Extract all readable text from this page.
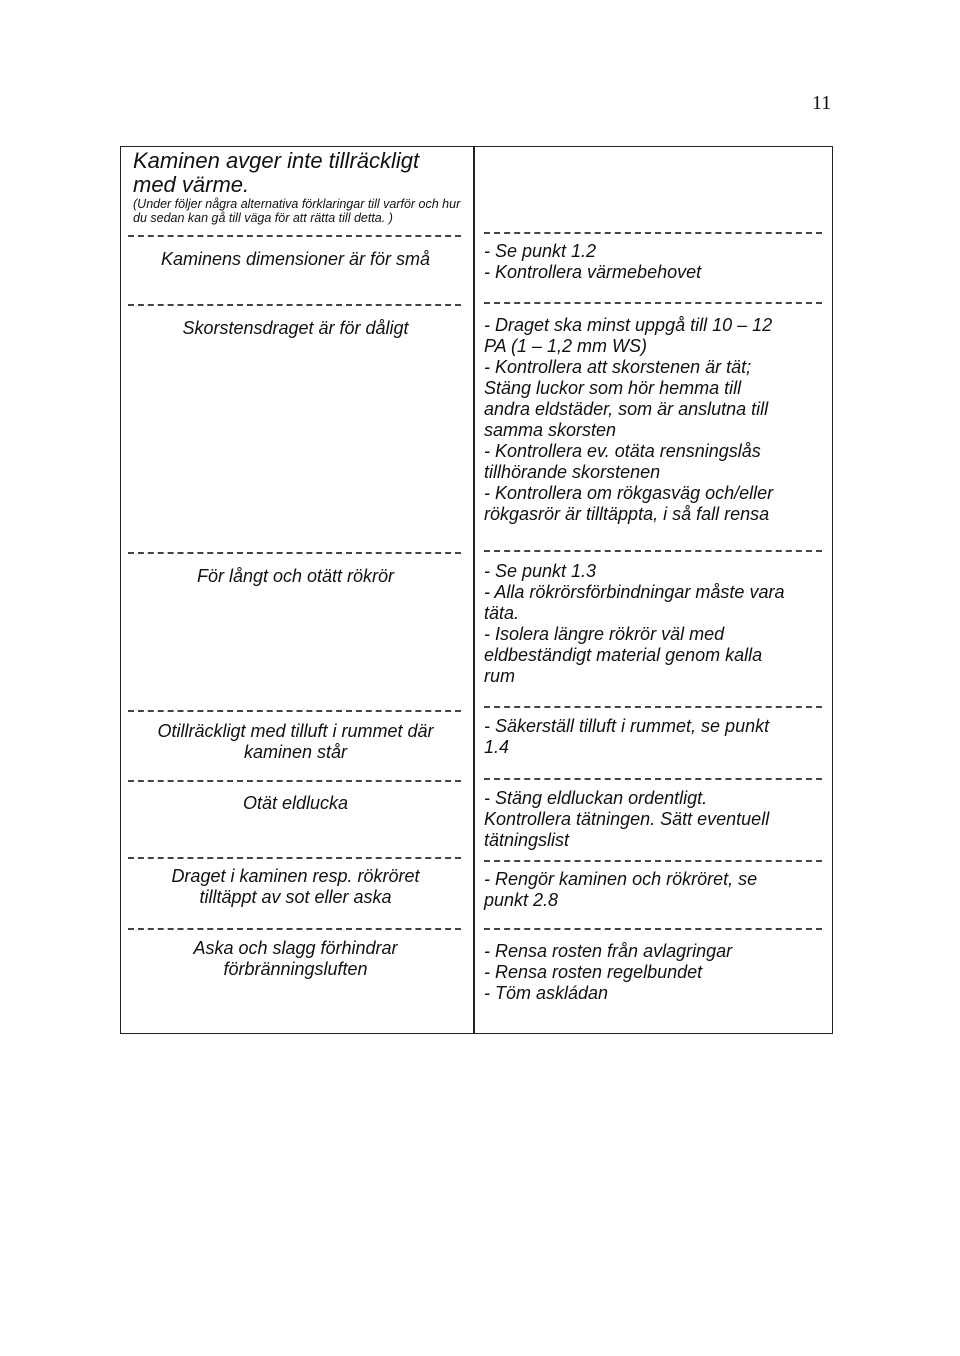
11
Kaminen avger inte tillräckligt
med värme.
(Under följer några alternativa förklaringar till varför och hur du sedan kan gå till väga för att rätta till detta. )
Kaminens dimensioner är för små
Skorstensdraget är för dåligt
För långt och otätt rökrör
Otillräckligt med tilluft i rummet där
kaminen står
Otät eldlucka
Draget i kaminen resp. rökröret
tilltäppt av sot eller aska
Aska och slagg förhindrar
förbränningsluften
- Se punkt 1.2
- Kontrollera värmebehovet
- Draget ska minst uppgå till 10 – 12
PA (1 – 1,2 mm WS)
- Kontrollera att skorstenen är tät;
Stäng luckor som hör hemma till
andra eldstäder, som är anslutna till
samma skorsten
- Kontrollera ev. otäta rensningslås
tillhörande skorstenen
- Kontrollera om rökgasväg och/eller
rökgasrör är tilltäppta, i så fall rensa
- Se punkt 1.3
- Alla rökrörsförbindningar måste vara
täta.
- Isolera längre rökrör väl med
eldbeständigt material genom kalla
rum
- Säkerställ tilluft i rummet, se punkt
1.4
- Stäng eldluckan ordentligt.
Kontrollera tätningen. Sätt eventuell
tätningslist
- Rengör kaminen och rökröret, se
punkt 2.8
- Rensa rosten från avlagringar
- Rensa rosten regelbundet
- Töm askládan
